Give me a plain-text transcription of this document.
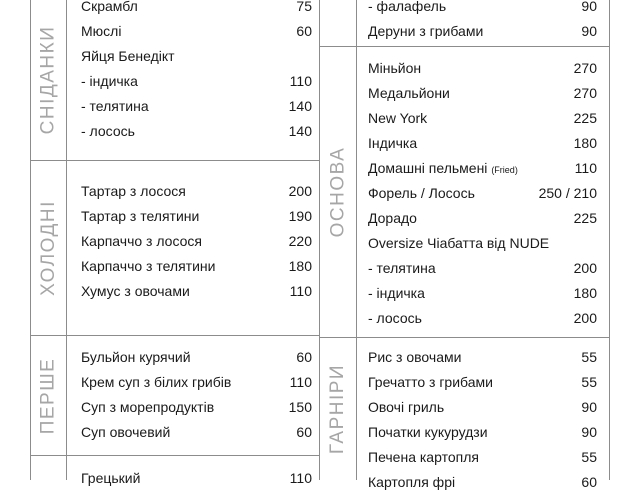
СНІДАНКИ
ХОЛОДНІ
ПЕРШЕ
ОСНОВА
ГАРНІРИ
Скрамбл	75
Мюслі	60
Яйця Бенедікт
- індичка	110
- телятина	140
- лосось	140
Тартар з лосося	200
Тартар з телятини	190
Карпаччо з лосося	220
Карпаччо з телятини	180
Хумус з овочами	110
Бульйон курячий	60
Крем суп з білих грибів	110
Суп з морепродуктів	150
Суп овочевий	60
Грецький	110
- фалафель	90
Деруни з грибами	90
Міньйон	270
Медальйони	270
New York	225
Індичка	180
Домашні пельмені (Fried)	110
Форель / Лосось	250 / 210
Дорадо	225
Oversize Чіабатта від NUDE
- телятина	200
- індичка	180
- лосось	200
Рис з овочами	55
Гречатто з грибами	55
Овочі гриль	90
Початки кукурудзи	90
Печена картопля	55
Картопля фрі	60
